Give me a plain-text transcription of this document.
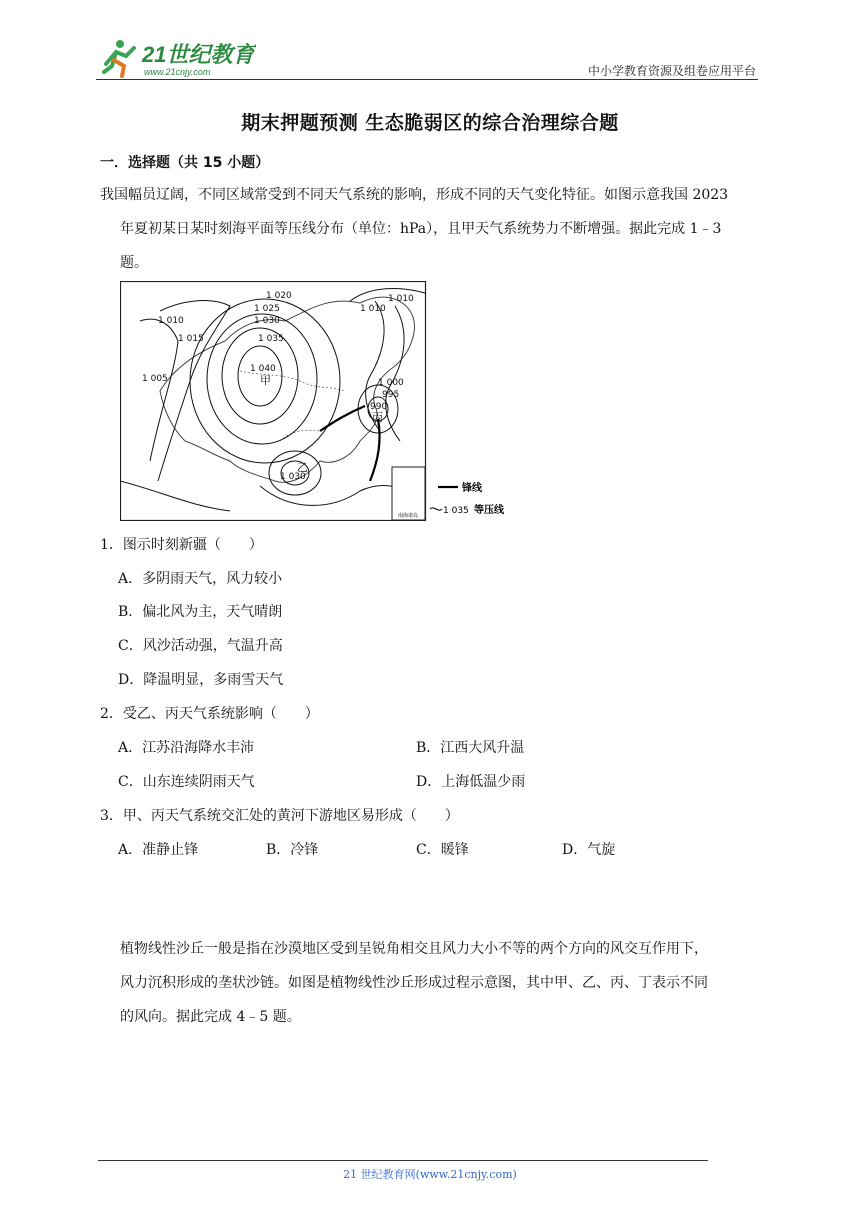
21世纪教育
www.21cnjy.com	中小学教育资源及组卷应用平台
期末押题预测 生态脆弱区的综合治理综合题
一．选择题（共 15 小题）
我国幅员辽阔，不同区域常受到不同天气系统的影响，形成不同的天气变化特征。如图示意我国 2023
年夏初某日某时刻海平面等压线分布（单位：hPa），且甲天气系统势力不断增强。据此完成 1﹣3
题。
南海诸岛
1 020
1 025
1 030
1 035
1 010
1 010
1 015
1 005
1 010
1 000
995
990
1 040
1 030
甲
乙
丙
锋线
1 035 等压线
1．图示时刻新疆（　　）
A．多阴雨天气，风力较小
B．偏北风为主，天气晴朗
C．风沙活动强，气温升高
D．降温明显，多雨雪天气
2．受乙、丙天气系统影响（　　）
A．江苏沿海降水丰沛	B．江西大风升温
C．山东连续阴雨天气	D．上海低温少雨
3．甲、丙天气系统交汇处的黄河下游地区易形成（　　）
A．准静止锋	B．冷锋	C．暖锋	D．气旋
植物线性沙丘一般是指在沙漠地区受到呈锐角相交且风力大小不等的两个方向的风交互作用下，
风力沉积形成的垄状沙链。如图是植物线性沙丘形成过程示意图，其中甲、乙、丙、丁表示不同
的风向。据此完成 4﹣5 题。
21 世纪教育网(www.21cnjy.com)
